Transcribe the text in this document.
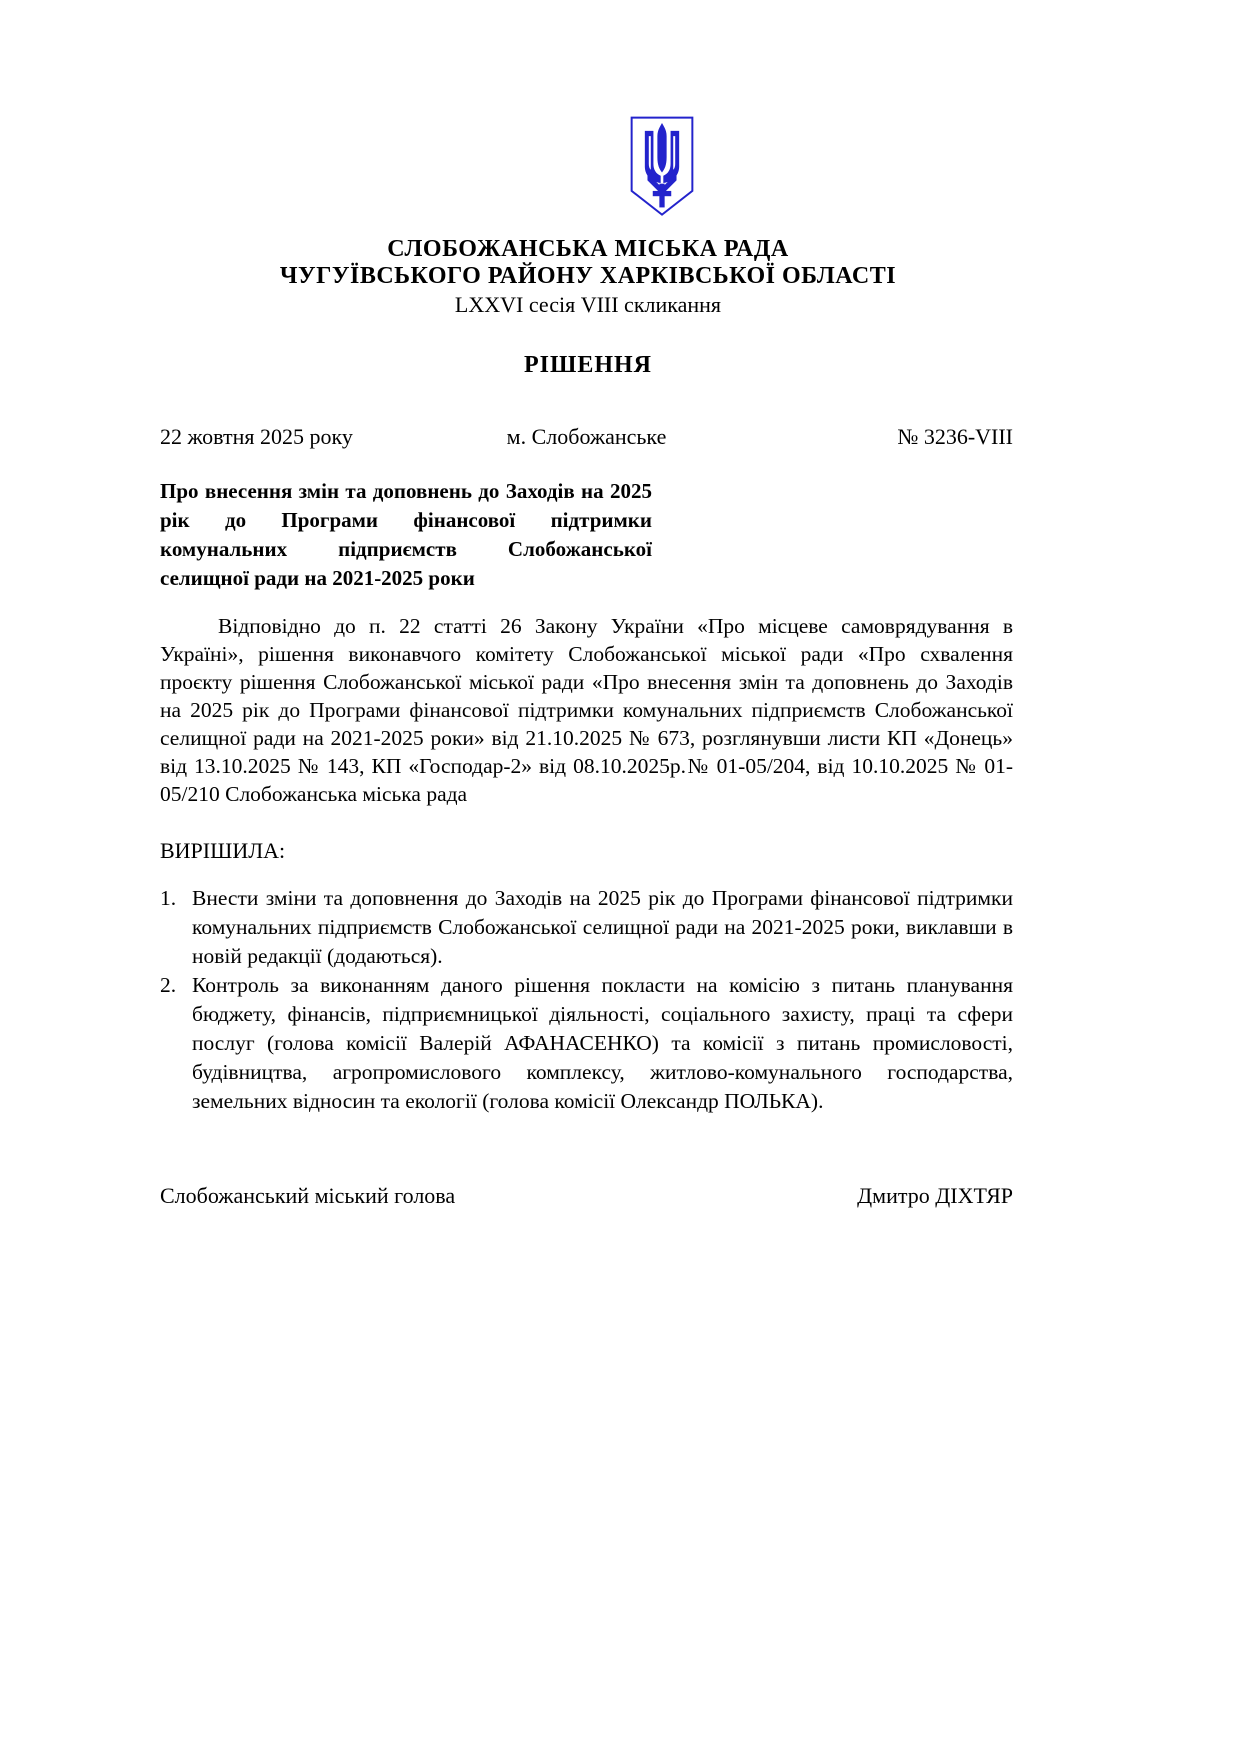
СЛОБОЖАНСЬКА МІСЬКА РАДА
ЧУГУЇВСЬКОГО РАЙОНУ ХАРКІВСЬКОЇ ОБЛАСТІ
LXXVI сесія VIII скликання
РІШЕННЯ
22 жовтня 2025 року	м. Слобожанське	№ 3236-VIII
Про внесення змін та доповнень до Заходів на 2025 рік до Програми фінансової підтримки комунальних підприємств Слобожанської селищної ради на 2021-2025 роки
Відповідно до п. 22 статті 26 Закону України «Про місцеве самоврядування в Україні», рішення виконавчого комітету Слобожанської міської ради «Про схвалення проєкту рішення Слобожанської міської ради «Про внесення змін та доповнень до Заходів на 2025 рік до Програми фінансової підтримки комунальних підприємств Слобожанської селищної ради на 2021-2025 роки» від 21.10.2025 № 673, розглянувши листи КП «Донець» від 13.10.2025 № 143, КП «Господар-2» від 08.10.2025р.№ 01-05/204, від 10.10.2025 № 01-05/210 Слобожанська міська рада
ВИРІШИЛА:
1. Внести зміни та доповнення до Заходів на 2025 рік до Програми фінансової підтримки комунальних підприємств Слобожанської селищної ради на 2021-2025 роки, виклавши в новій редакції (додаються).
2. Контроль за виконанням даного рішення покласти на комісію з питань планування бюджету, фінансів, підприємницької діяльності, соціального захисту, праці та сфери послуг (голова комісії Валерій АФАНАСЕНКО) та комісії з питань промисловості, будівництва, агропромислового комплексу, житлово-комунального господарства, земельних відносин та екології (голова комісії Олександр ПОЛЬКА).
Слобожанський міський голова	Дмитро ДІХТЯР
